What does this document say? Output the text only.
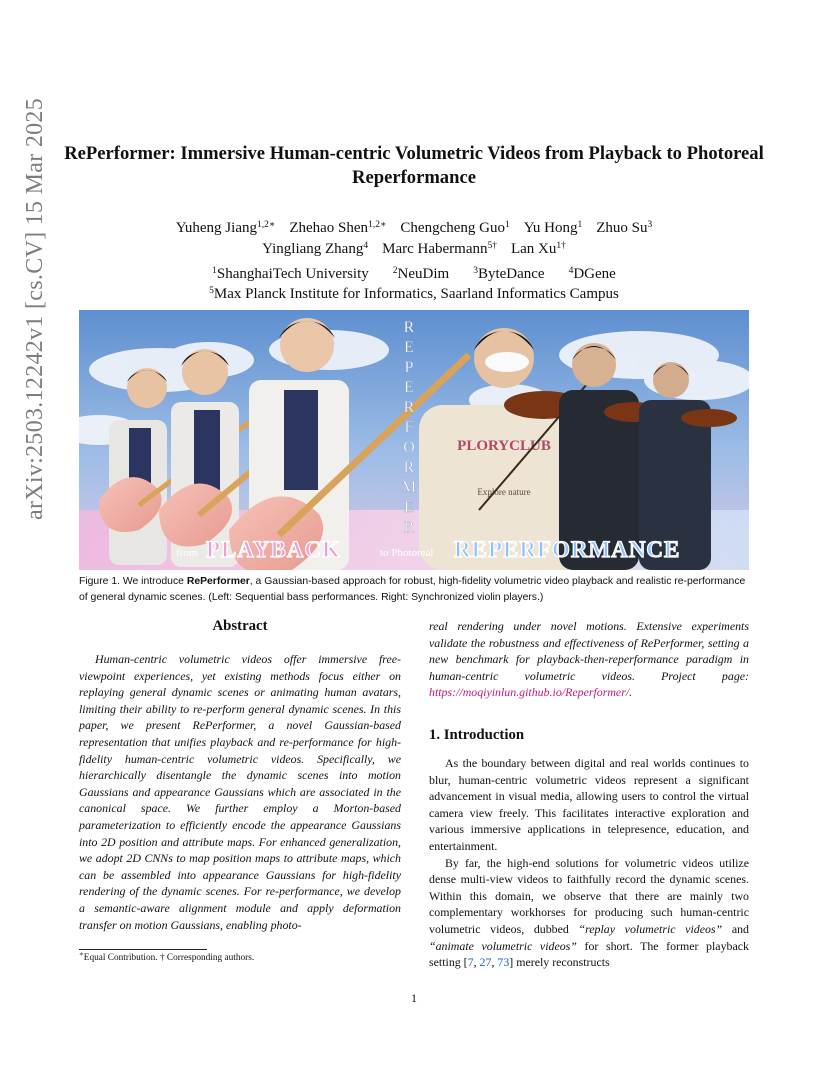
arXiv:2503.12242v1 [cs.CV] 15 Mar 2025 RePerformer: Immersive Human-centric Volumetric Videos from Playback to Photoreal Reperformance
Yuheng Jiang$^{1,2∗}$ Zhehao Shen$^{1,2∗}$ Chengcheng Guo$^1$ Yu Hong$^1$ Zhuo Su$^3$
Yingliang Zhang$^4$ Marc Habermann$^{5\dagger}$ Lan $Xu^{1\dagger}$
$^1$ShanghaiTech University	$^2$NeuDim	$^3$ByteDance	$^4$DGene
$^5$Max Planck Institute for Informatics, Saarland Informatics Campus
PLORYCLUB
Explore nature
R
E
P
E
R
F
O
R
M
E
R
from PLAYBACK	to Photoreal REPERFORMANCE
Figure 1. We introduce RePerformer, a Gaussian-based approach for robust, high-fidelity volumetric video playback and realistic re-performance of general dynamic scenes. (Left: Sequential bass performances. Right: Synchronized violin players.)
Abstract

Human-centric volumetric videos offer immersive free-viewpoint experiences, yet existing methods focus either on replaying general dynamic scenes or animating human avatars, limiting their ability to re-perform general dynamic scenes. In this paper, we present RePerformer, a novel Gaussian-based representation that unifies playback and re-performance for high-fidelity human-centric volumetric videos. Specifically, we hierarchically disentangle the dynamic scenes into motion Gaussians and appearance Gaussians which are associated in the canonical space. We further employ a Morton-based parameterization to efficiently encode the appearance Gaussians into 2D position and attribute maps. For enhanced generalization, we adopt 2D CNNs to map position maps to attribute maps, which can be assembled into appearance Gaussians for high-fidelity rendering of the dynamic scenes. For re-performance, we develop a semantic-aware alignment module and apply deformation transfer on motion Gaussians, enabling photo-

real rendering under novel motions. Extensive experiments validate the robustness and effectiveness of RePerformer, setting a new benchmark for playback-then-reperformance paradigm in human-centric volumetric videos. Project page: https://moqiyinlun.github.io/Reperformer/.

1. Introduction

As the boundary between digital and real worlds continues to blur, human-centric volumetric videos represent a significant advancement in visual media, allowing users to control the virtual camera view freely. This facilitates interactive exploration and various immersive applications in telepresence, education, and entertainment.

By far, the high-end solutions for volumetric videos utilize dense multi-view videos to faithfully record the dynamic scenes. Within this domain, we observe that there are mainly two complementary workhorses for producing such human-centric volumetric videos, dubbed “replay volumetric videos” and “animate volumetric videos” for short. The former playback setting [7, 27, 73] merely reconstructs

∗Equal Contribution. † Corresponding authors.
1
